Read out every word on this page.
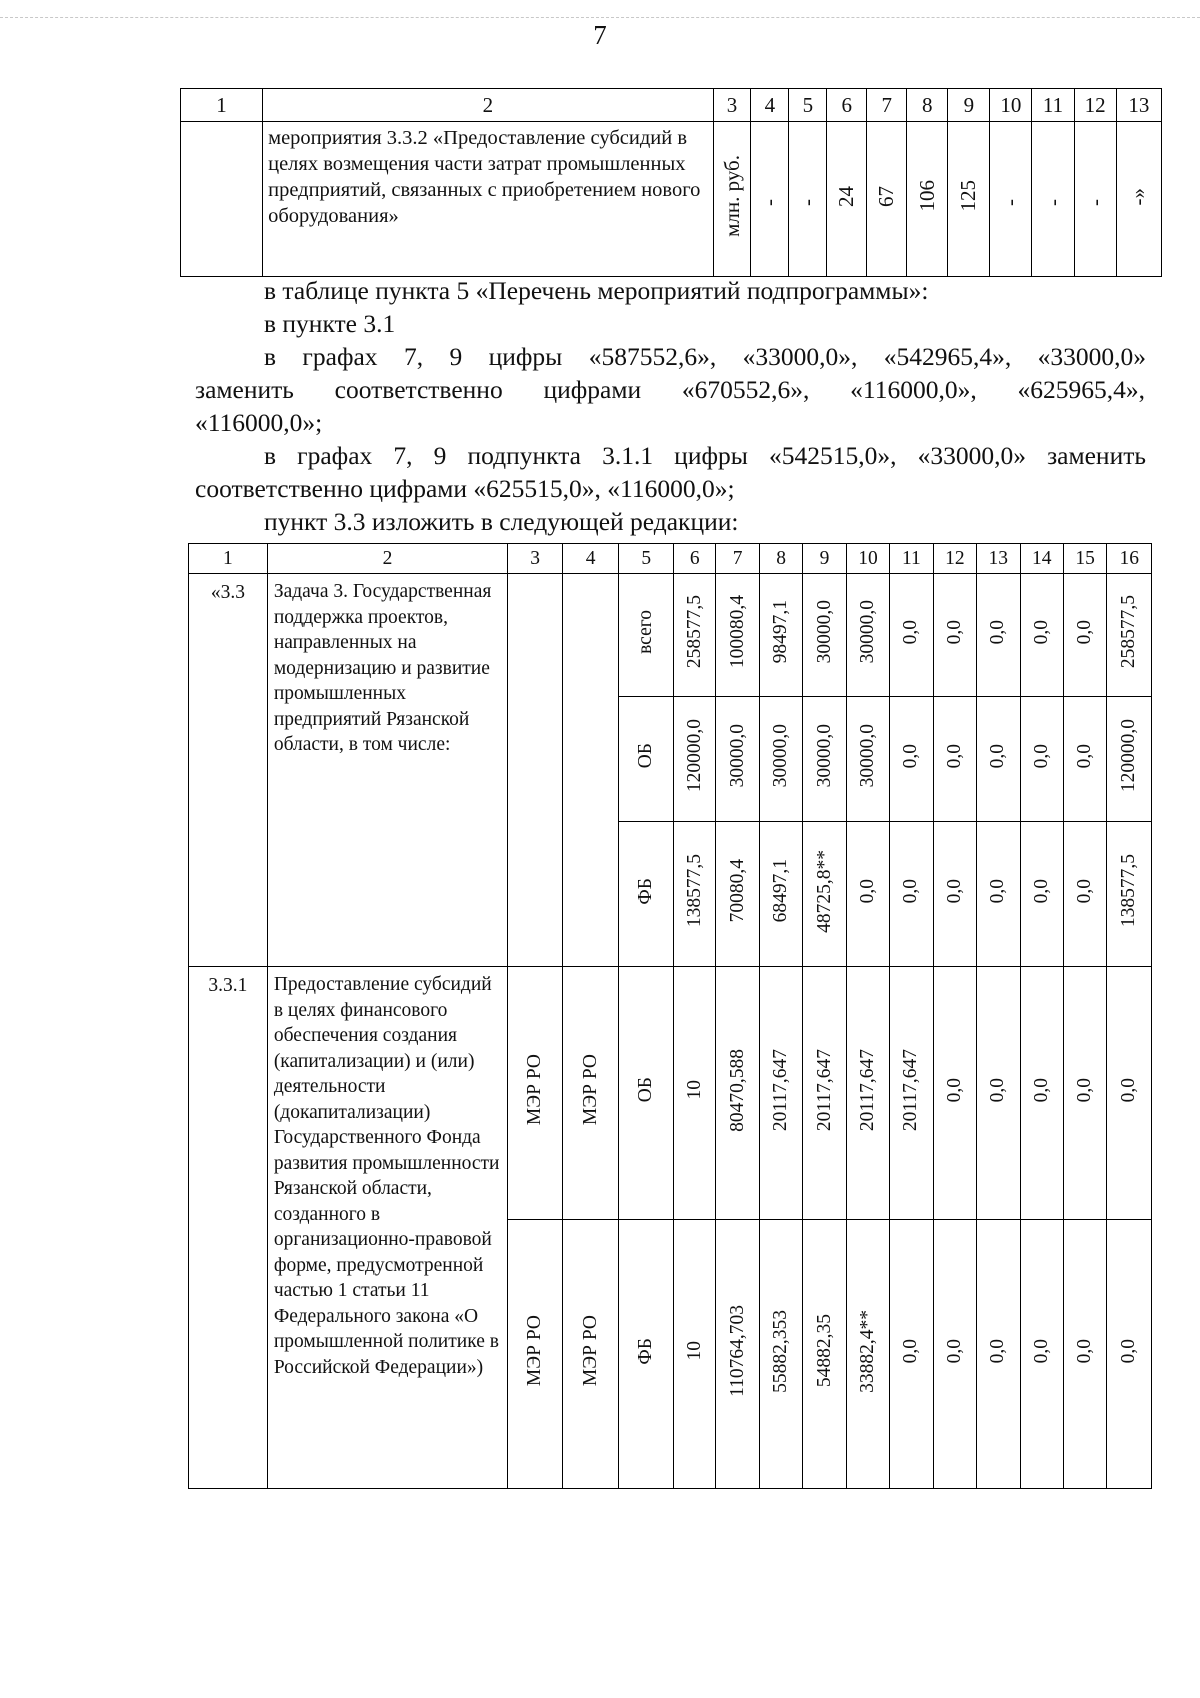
7
1	2	3	4	5	6	7	8	9	10	11	12	13
	мероприятия 3.3.2 «Предоставление субсидий в целях возмещения части затрат промышленных предприятий, связанных с приобретением нового оборудования»	млн. руб.	-	-	24	67	106	125	-	-	-	-»
в таблице пункта 5 «Перечень мероприятий подпрограммы»:
в пункте 3.1
в графах 7, 9 цифры «587552,6», «33000,0», «542965,4», «33000,0»
заменить соответственно цифрами «670552,6», «116000,0», «625965,4»,
«116000,0»;
в графах 7, 9 подпункта 3.1.1 цифры «542515,0», «33000,0» заменить
соответственно цифрами «625515,0», «116000,0»;
пункт 3.3 изложить в следующей редакции:
1	2	3	4	5	6	7	8	9	10	11	12	13	14	15	16
«3.3	Задача 3. Государственная поддержка проектов, направленных на модернизацию и развитие промышленных предприятий Рязанской области, в том числе:			всего	258577,5	100080,4	98497,1	30000,0	30000,0	0,0	0,0	0,0	0,0	0,0	258577,5
				ОБ	120000,0	30000,0	30000,0	30000,0	30000,0	0,0	0,0	0,0	0,0	0,0	120000,0
				ФБ	138577,5	70080,4	68497,1	48725,8**	0,0	0,0	0,0	0,0	0,0	0,0	138577,5
3.3.1	Предоставление субсидий в целях финансового обеспечения создания (капитализации) и (или) деятельности (докапитализации) Государственного Фонда развития промышленности Рязанской области, созданного в организационно-правовой форме, предусмотренной частью 1 статьи 11 Федерального закона «О промышленной политике в Российской Федерации»)	МЭР РО	МЭР РО	ОБ	10	80470,588	20117,647	20117,647	20117,647	20117,647	0,0	0,0	0,0	0,0	0,0
		МЭР РО	МЭР РО	ФБ	10	110764,703	55882,353	54882,35	33882,4**	0,0	0,0	0,0	0,0	0,0	0,0
